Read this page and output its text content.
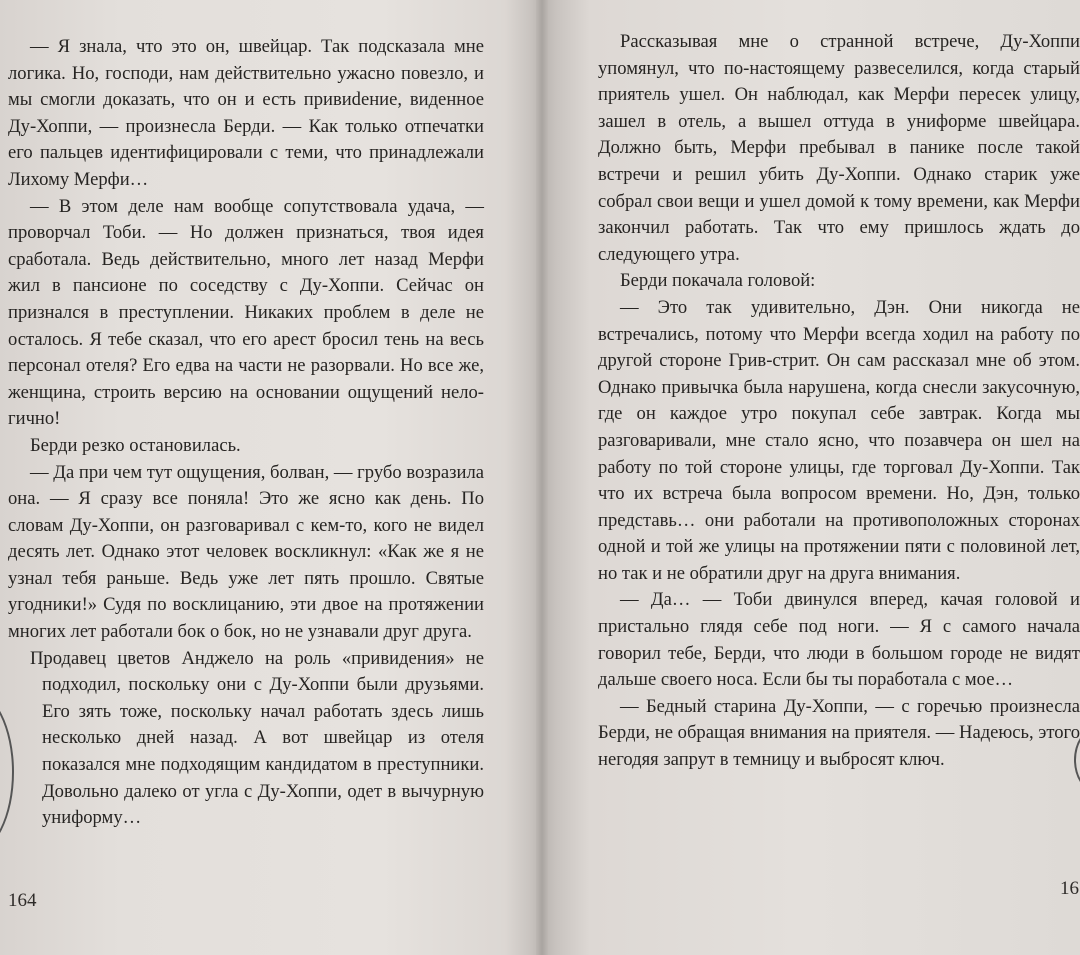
— Я знала, что это он, швейцар. Так подсказала мне логика. Но, господи, нам действительно ужасно повезло, и мы смогли доказать, что он и есть привиdение, виденное Ду-Хоппи, — произнесла Берди. — Как только отпечатки его пальцев идентифицировали с теми, что принадлежали Лихому Мерфи…

— В этом деле нам вообще сопутствовала удача, — проворчал Тоби. — Но должен признаться, твоя идея сработала. Ведь действительно, много лет назад Мерфи жил в пансионе по соседству с Ду-Хоппи. Сейчас он признался в преступлении. Никаких проблем в деле не осталось. Я тебе сказал, что его арест бросил тень на весь персонал отеля? Его едва на части не разорвали. Но все же, женщина, строить версию на основании ощущений нелогично!

Берди резко остановилась.

— Да при чем тут ощущения, болван, — грубо возразила она. — Я сразу все поняла! Это же ясно как день. По словам Ду-Хоппи, он разговаривал с кем-то, кого не видел десять лет. Однако этот человек воскликнул: «Как же я не узнал тебя раньше. Ведь уже лет пять прошло. Святые угодники!» Судя по восклицанию, эти двое на протяжении многих лет работали бок о бок, но не узнавали друг друга.

Продавец цветов Анджело на роль «привидения» не подходил, поскольку они с Ду-Хоппи были друзьями. Его зять тоже, поскольку начал работать здесь лишь несколько дней назад. А вот швейцар из отеля показался мне подходящим кандидатом в преступники. Довольно далеко от угла с Ду-Хоппи, одет в вычурную униформу…

164

Рассказывая мне о странной встрече, Ду-Хоппи упомянул, что по-настоящему развеселился, когда старый приятель ушел. Он наблюдал, как Мерфи пересек улицу, зашел в отель, а вышел оттуда в униформе швейцара. Должно быть, Мерфи пребывал в панике после такой встречи и решил убить Ду-Хоппи. Однако старик уже собрал свои вещи и ушел домой к тому времени, как Мерфи закончил работать. Так что ему пришлось ждать до следующего утра.

Берди покачала головой:

— Это так удивительно, Дэн. Они никогда не встречались, потому что Мерфи всегда ходил на работу по другой стороне Грив-стрит. Он сам рассказал мне об этом. Однако привычка была нарушена, когда снесли закусочную, где он каждое утро покупал себе завтрак. Когда мы разговаривали, мне стало ясно, что позавчера он шел на работу по той стороне улицы, где торговал Ду-Хоппи. Так что их встреча была вопросом времени. Но, Дэн, только представь… они работали на противоположных сторонах одной и той же улицы на протяжении пяти с половиной лет, но так и не обратили друг на друга внимания.

— Да… — Тоби двинулся вперед, качая головой и пристально глядя себе под ноги. — Я с самого начала говорил тебе, Берди, что люди в большом городе не видят дальше своего носа. Если бы ты поработала с мое…

— Бедный старина Ду-Хоппи, — с горечью произнесла Берди, не обращая внимания на приятеля. — Надеюсь, этого негодяя запрут в темницу и выбросят ключ.

16
